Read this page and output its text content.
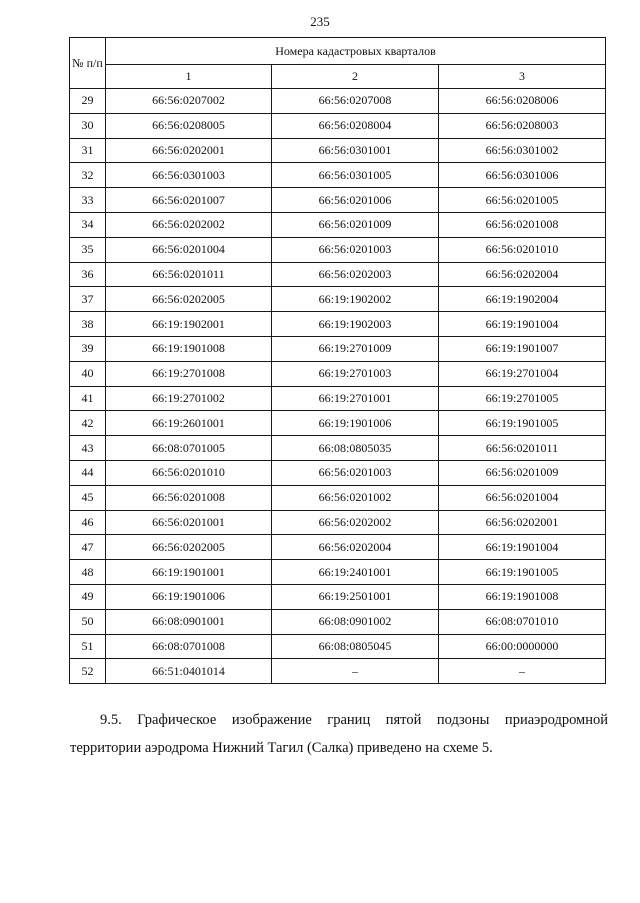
235
№ п/п	Номера кадастровых кварталов		
	1	2	3
29	66:56:0207002	66:56:0207008	66:56:0208006
30	66:56:0208005	66:56:0208004	66:56:0208003
31	66:56:0202001	66:56:0301001	66:56:0301002
32	66:56:0301003	66:56:0301005	66:56:0301006
33	66:56:0201007	66:56:0201006	66:56:0201005
34	66:56:0202002	66:56:0201009	66:56:0201008
35	66:56:0201004	66:56:0201003	66:56:0201010
36	66:56:0201011	66:56:0202003	66:56:0202004
37	66:56:0202005	66:19:1902002	66:19:1902004
38	66:19:1902001	66:19:1902003	66:19:1901004
39	66:19:1901008	66:19:2701009	66:19:1901007
40	66:19:2701008	66:19:2701003	66:19:2701004
41	66:19:2701002	66:19:2701001	66:19:2701005
42	66:19:2601001	66:19:1901006	66:19:1901005
43	66:08:0701005	66:08:0805035	66:56:0201011
44	66:56:0201010	66:56:0201003	66:56:0201009
45	66:56:0201008	66:56:0201002	66:56:0201004
46	66:56:0201001	66:56:0202002	66:56:0202001
47	66:56:0202005	66:56:0202004	66:19:1901004
48	66:19:1901001	66:19:2401001	66:19:1901005
49	66:19:1901006	66:19:2501001	66:19:1901008
50	66:08:0901001	66:08:0901002	66:08:0701010
51	66:08:0701008	66:08:0805045	66:00:0000000
52	66:51:0401014	–	–
9.5. Графическое изображение границ пятой подзоны приаэродромной
территории аэродрома Нижний Тагил (Салка) приведено на схеме 5.
